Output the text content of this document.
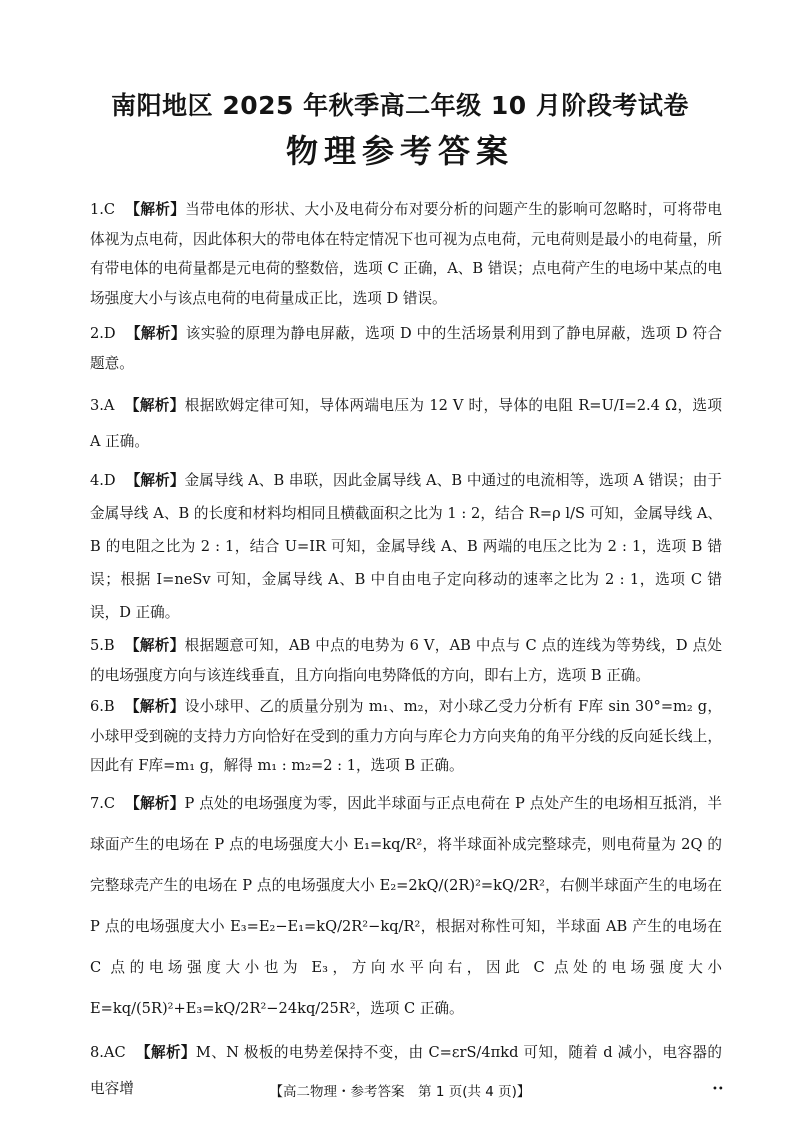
南阳地区 2025 年秋季高二年级 10 月阶段考试卷
物理参考答案

1.C 【解析】当带电体的形状、大小及电荷分布对要分析的问题产生的影响可忽略时，可将带电体视为点电荷，因此体积大的带电体在特定情况下也可视为点电荷，元电荷则是最小的电荷量，所有带电体的电荷量都是元电荷的整数倍，选项 C 正确，A、B 错误；点电荷产生的电场中某点的电场强度大小与该点电荷的电荷量成正比，选项 D 错误。

2.D 【解析】该实验的原理为静电屏蔽，选项 D 中的生活场景利用到了静电屏蔽，选项 D 符合题意。

3.A 【解析】根据欧姆定律可知，导体两端电压为 12 V 时，导体的电阻 R=U/I=2.4 Ω，选项 A 正确。

4.D 【解析】金属导线 A、B 串联，因此金属导线 A、B 中通过的电流相等，选项 A 错误；由于金属导线 A、B 的长度和材料均相同且横截面积之比为 1 : 2，结合 R=ρ l/S 可知，金属导线 A、B 的电阻之比为 2 : 1，结合 U=IR 可知，金属导线 A、B 两端的电压之比为 2 : 1，选项 B 错误；根据 I=neSv 可知，金属导线 A、B 中自由电子定向移动的速率之比为 2 : 1，选项 C 错误，D 正确。

5.B 【解析】根据题意可知，AB 中点的电势为 6 V，AB 中点与 C 点的连线为等势线，D 点处的电场强度方向与该连线垂直，且方向指向电势降低的方向，即右上方，选项 B 正确。

6.B 【解析】设小球甲、乙的质量分别为 m₁、m₂，对小球乙受力分析有 F库 sin 30°=m₂ g，小球甲受到碗的支持力方向恰好在受到的重力方向与库仑力方向夹角的角平分线的反向延长线上，因此有 F库=m₁ g，解得 m₁ : m₂=2 : 1，选项 B 正确。

7.C 【解析】P 点处的电场强度为零，因此半球面与正点电荷在 P 点处产生的电场相互抵消，半球面产生的电场在 P 点的电场强度大小 E₁=kq/R²，将半球面补成完整球壳，则电荷量为 2Q 的完整球壳产生的电场在 P 点的电场强度大小 E₂=2kQ/(2R)²=kQ/2R²，右侧半球面产生的电场在 P 点的电场强度大小 E₃=E₂−E₁=kQ/2R²−kq/R²，根据对称性可知，半球面 AB 产生的电场在 C 点的电场强度大小也为 E₃，方向水平向右，因此 C 点处的电场强度大小 E=kq/(5R)²+E₃=kQ/2R²−24kq/25R²，选项 C 正确。

8.AC 【解析】M、N 极板的电势差保持不变，由 C=εrS/4πkd 可知，随着 d 减小，电容器的电容增	【高二物理・参考答案　第 1 页(共 4 页)】	••
